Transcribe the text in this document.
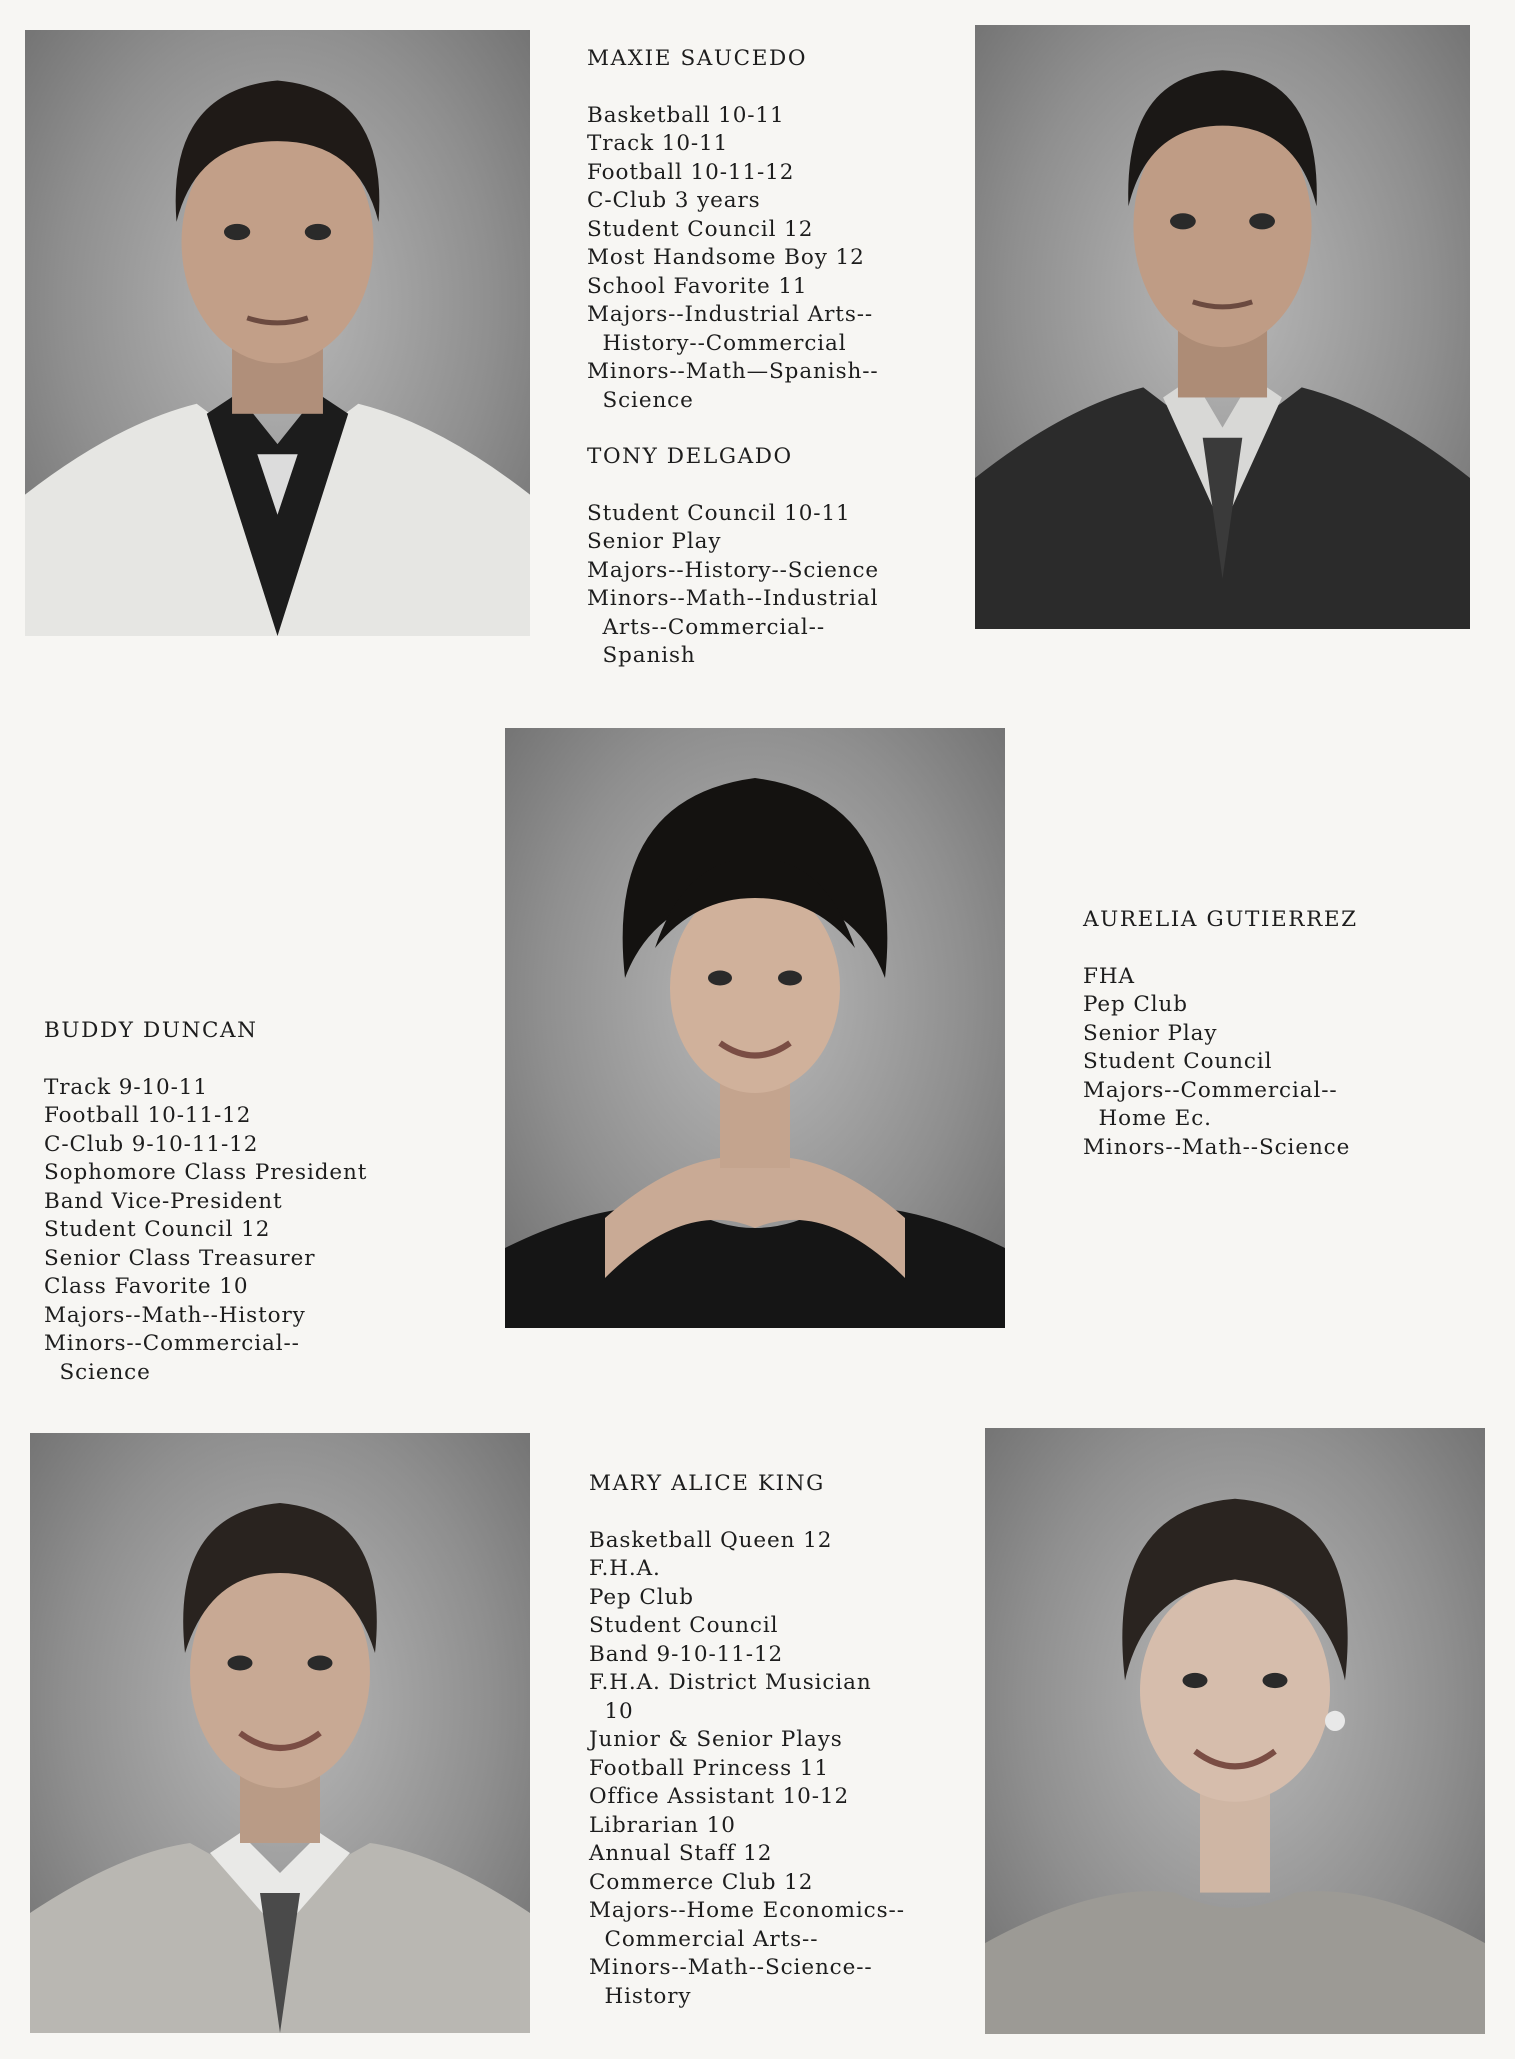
MAXIE SAUCEDO
Basketball 10-11
Track 10-11
Football 10-11-12
C-Club 3 years
Student Council 12
Most Handsome Boy 12
School Favorite 11
Majors--Industrial Arts--
History--Commercial
Minors--Math—Spanish--
Science
TONY DELGADO
Student Council 10-11
Senior Play
Majors--History--Science
Minors--Math--Industrial
Arts--Commercial--
Spanish
AURELIA GUTIERREZ
FHA
Pep Club
Senior Play
Student Council
Majors--Commercial--
Home Ec.
Minors--Math--Science
BUDDY DUNCAN
Track 9-10-11
Football 10-11-12
C-Club 9-10-11-12
Sophomore Class President
Band Vice-President
Student Council 12
Senior Class Treasurer
Class Favorite 10
Majors--Math--History
Minors--Commercial--
Science
MARY ALICE KING
Basketball Queen 12
F.H.A.
Pep Club
Student Council
Band 9-10-11-12
F.H.A. District Musician
10
Junior & Senior Plays
Football Princess 11
Office Assistant 10-12
Librarian 10
Annual Staff 12
Commerce Club 12
Majors--Home Economics--
Commercial Arts--
Minors--Math--Science--
History
